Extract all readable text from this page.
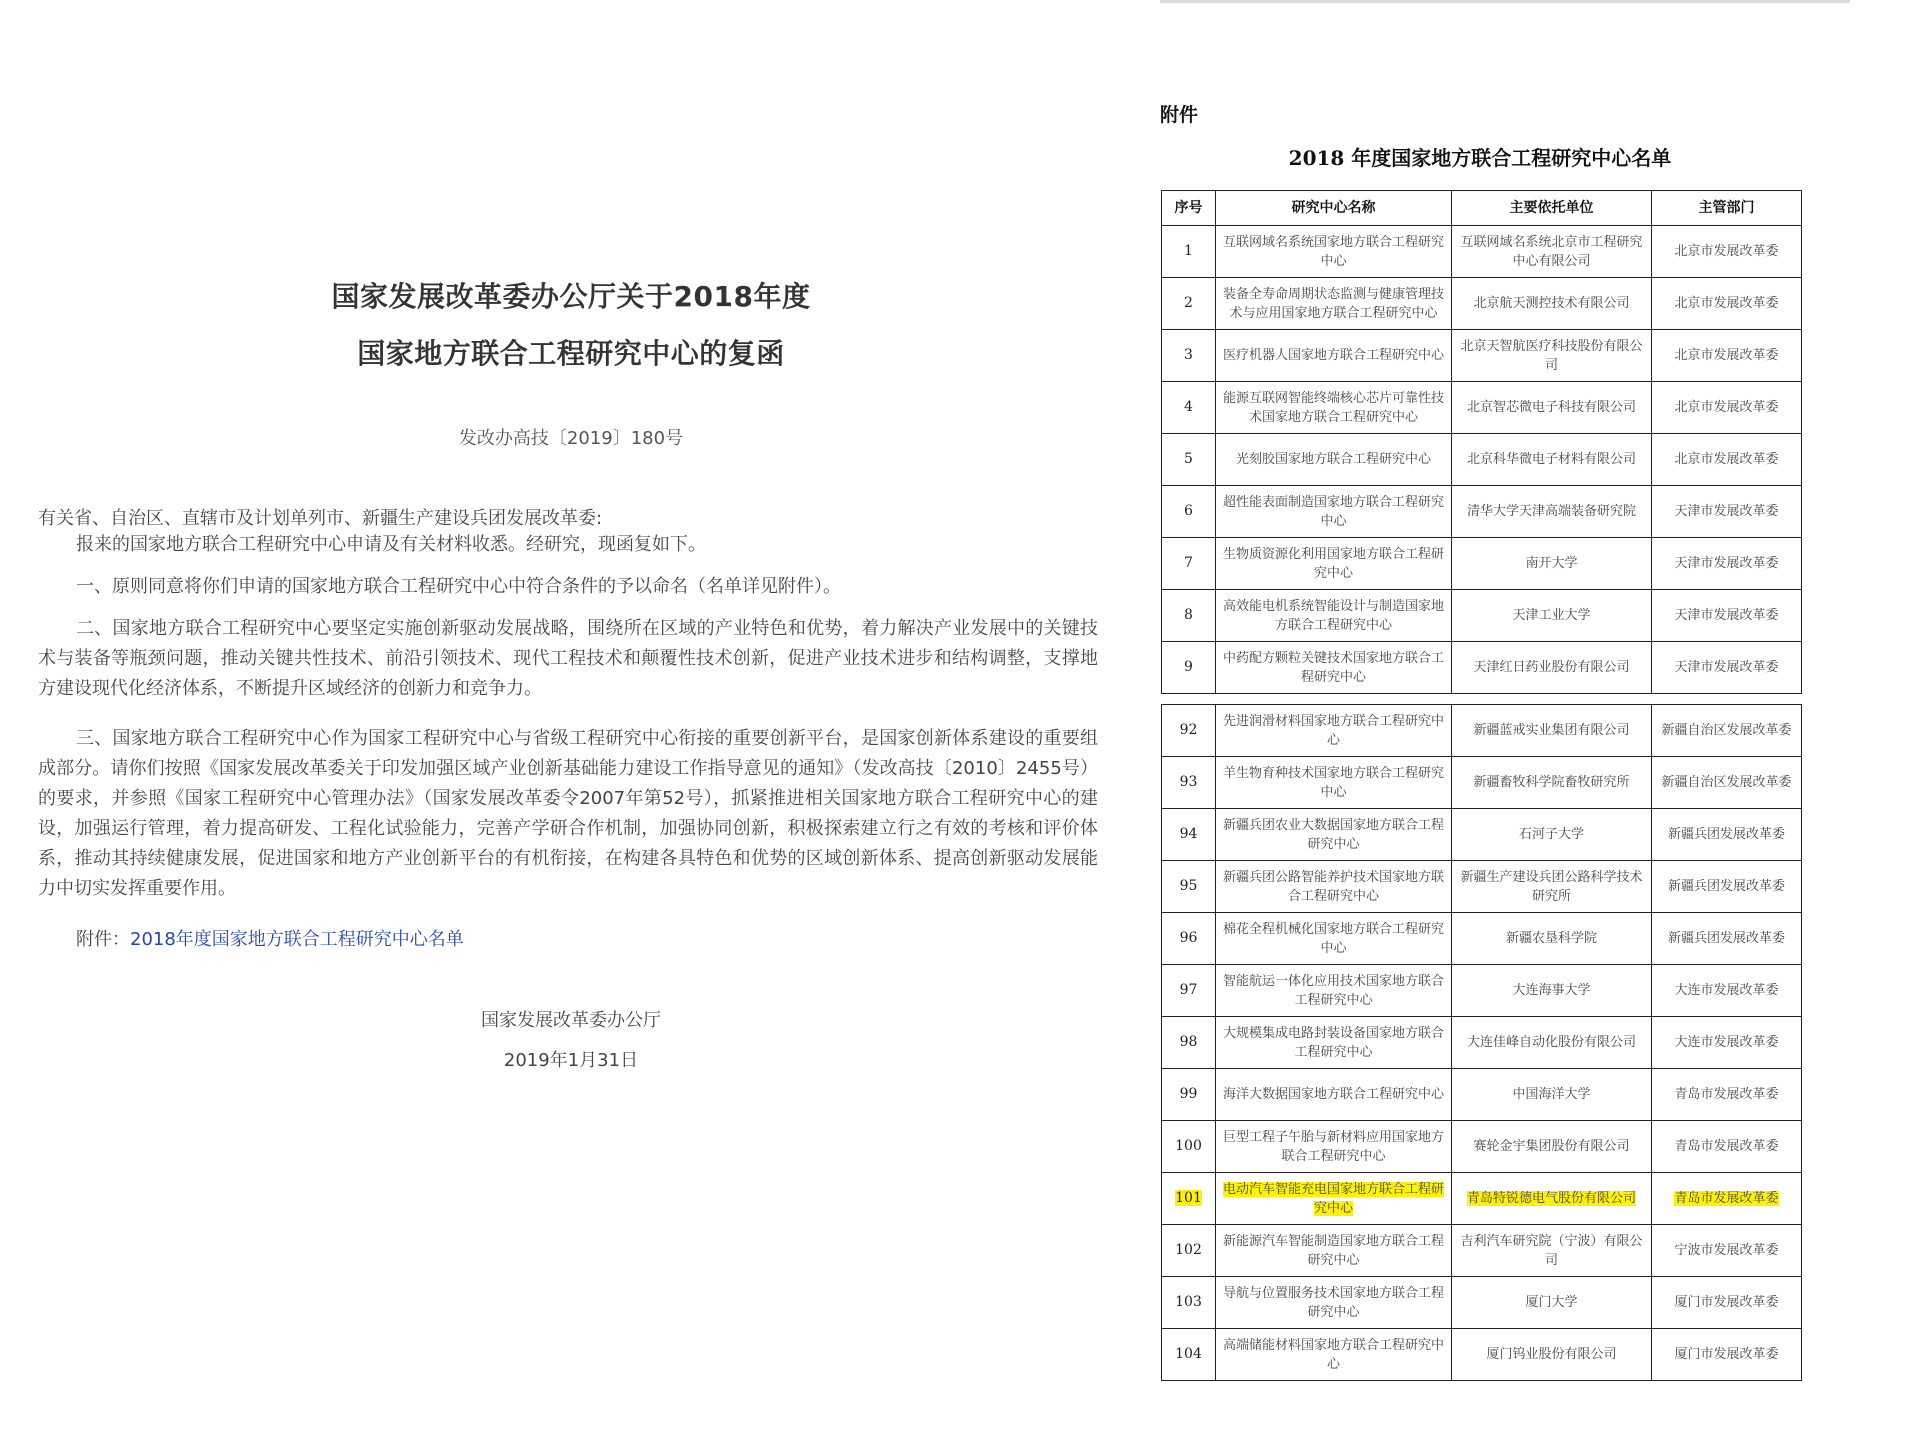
国家发展改革委办公厅关于2018年度
国家地方联合工程研究中心的复函
发改办高技〔2019〕180号
有关省、自治区、直辖市及计划单列市、新疆生产建设兵团发展改革委:

报来的国家地方联合工程研究中心申请及有关材料收悉。经研究，现函复如下。

一、原则同意将你们申请的国家地方联合工程研究中心中符合条件的予以命名（名单详见附件）。

二、国家地方联合工程研究中心要坚定实施创新驱动发展战略，围绕所在区域的产业特色和优势，着力解决产业发展中的关键技术与装备等瓶颈问题，推动关键共性技术、前沿引领技术、现代工程技术和颠覆性技术创新，促进产业技术进步和结构调整，支撑地方建设现代化经济体系，不断提升区域经济的创新力和竞争力。

三、国家地方联合工程研究中心作为国家工程研究中心与省级工程研究中心衔接的重要创新平台，是国家创新体系建设的重要组成部分。请你们按照《国家发展改革委关于印发加强区域产业创新基础能力建设工作指导意见的通知》（发改高技〔2010〕2455号）的要求，并参照《国家工程研究中心管理办法》（国家发展改革委令2007年第52号），抓紧推进相关国家地方联合工程研究中心的建设，加强运行管理，着力提高研发、工程化试验能力，完善产学研合作机制，加强协同创新，积极探索建立行之有效的考核和评价体系，推动其持续健康发展，促进国家和地方产业创新平台的有机衔接，在构建各具特色和优势的区域创新体系、提高创新驱动发展能力中切实发挥重要作用。

附件：2018年度国家地方联合工程研究中心名单
国家发展改革委办公厅
2019年1月31日
附件
2018 年度国家地方联合工程研究中心名单
序号	研究中心名称	主要依托单位	主管部门
1	互联网域名系统国家地方联合工程研究中心	互联网域名系统北京市工程研究中心有限公司	北京市发展改革委
2	装备全寿命周期状态监测与健康管理技术与应用国家地方联合工程研究中心	北京航天测控技术有限公司	北京市发展改革委
3	医疗机器人国家地方联合工程研究中心	北京天智航医疗科技股份有限公司	北京市发展改革委
4	能源互联网智能终端核心芯片可靠性技术国家地方联合工程研究中心	北京智芯微电子科技有限公司	北京市发展改革委
5	光刻胶国家地方联合工程研究中心	北京科华微电子材料有限公司	北京市发展改革委
6	超性能表面制造国家地方联合工程研究中心	清华大学天津高端装备研究院	天津市发展改革委
7	生物质资源化利用国家地方联合工程研究中心	南开大学	天津市发展改革委
8	高效能电机系统智能设计与制造国家地方联合工程研究中心	天津工业大学	天津市发展改革委
9	中药配方颗粒关键技术国家地方联合工程研究中心	天津红日药业股份有限公司	天津市发展改革委
92	先进润滑材料国家地方联合工程研究中心	新疆蓝戒实业集团有限公司	新疆自治区发展改革委
93	羊生物育种技术国家地方联合工程研究中心	新疆畜牧科学院畜牧研究所	新疆自治区发展改革委
94	新疆兵团农业大数据国家地方联合工程研究中心	石河子大学	新疆兵团发展改革委
95	新疆兵团公路智能养护技术国家地方联合工程研究中心	新疆生产建设兵团公路科学技术研究所	新疆兵团发展改革委
96	棉花全程机械化国家地方联合工程研究中心	新疆农垦科学院	新疆兵团发展改革委
97	智能航运一体化应用技术国家地方联合工程研究中心	大连海事大学	大连市发展改革委
98	大规模集成电路封装设备国家地方联合工程研究中心	大连佳峰自动化股份有限公司	大连市发展改革委
99	海洋大数据国家地方联合工程研究中心	中国海洋大学	青岛市发展改革委
100	巨型工程子午胎与新材料应用国家地方联合工程研究中心	赛轮金宇集团股份有限公司	青岛市发展改革委
101	电动汽车智能充电国家地方联合工程研究中心	青岛特锐德电气股份有限公司	青岛市发展改革委
102	新能源汽车智能制造国家地方联合工程研究中心	吉利汽车研究院（宁波）有限公司	宁波市发展改革委
103	导航与位置服务技术国家地方联合工程研究中心	厦门大学	厦门市发展改革委
104	高端储能材料国家地方联合工程研究中心	厦门钨业股份有限公司	厦门市发展改革委
